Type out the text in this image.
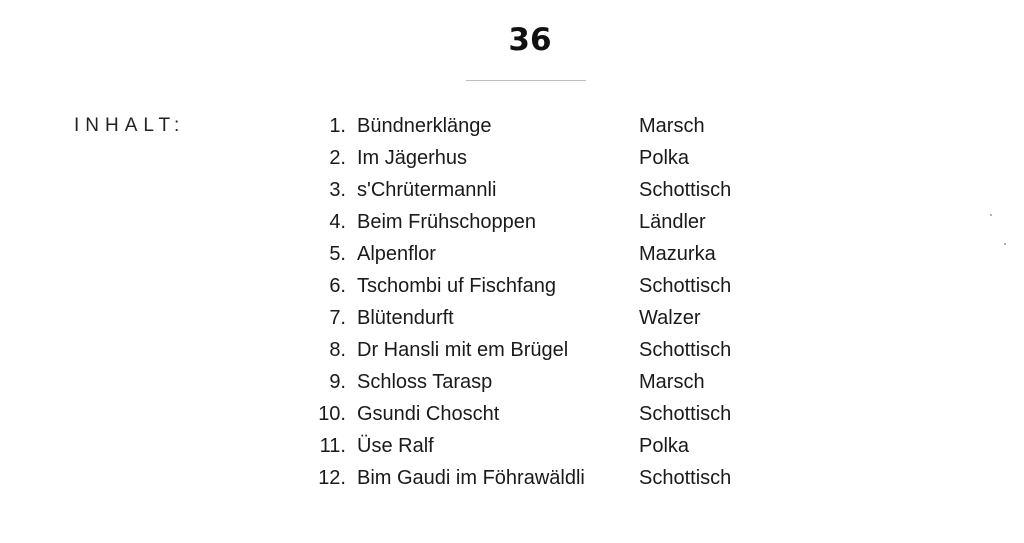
36
INHALT:	1. Bündnerklänge	Marsch
2. Im Jägerhus	Polka
3. s'Chrütermannli	Schottisch
4. Beim Frühschoppen	Ländler
5. Alpenflor	Mazurka
6. Tschombi uf Fischfang	Schottisch
7. Blütendurft	Walzer
8. Dr Hansli mit em Brügel	Schottisch
9. Schloss Tarasp	Marsch
10. Gsundi Choscht	Schottisch
11. Üse Ralf	Polka
12. Bim Gaudi im Föhrawäldli	Schottisch
